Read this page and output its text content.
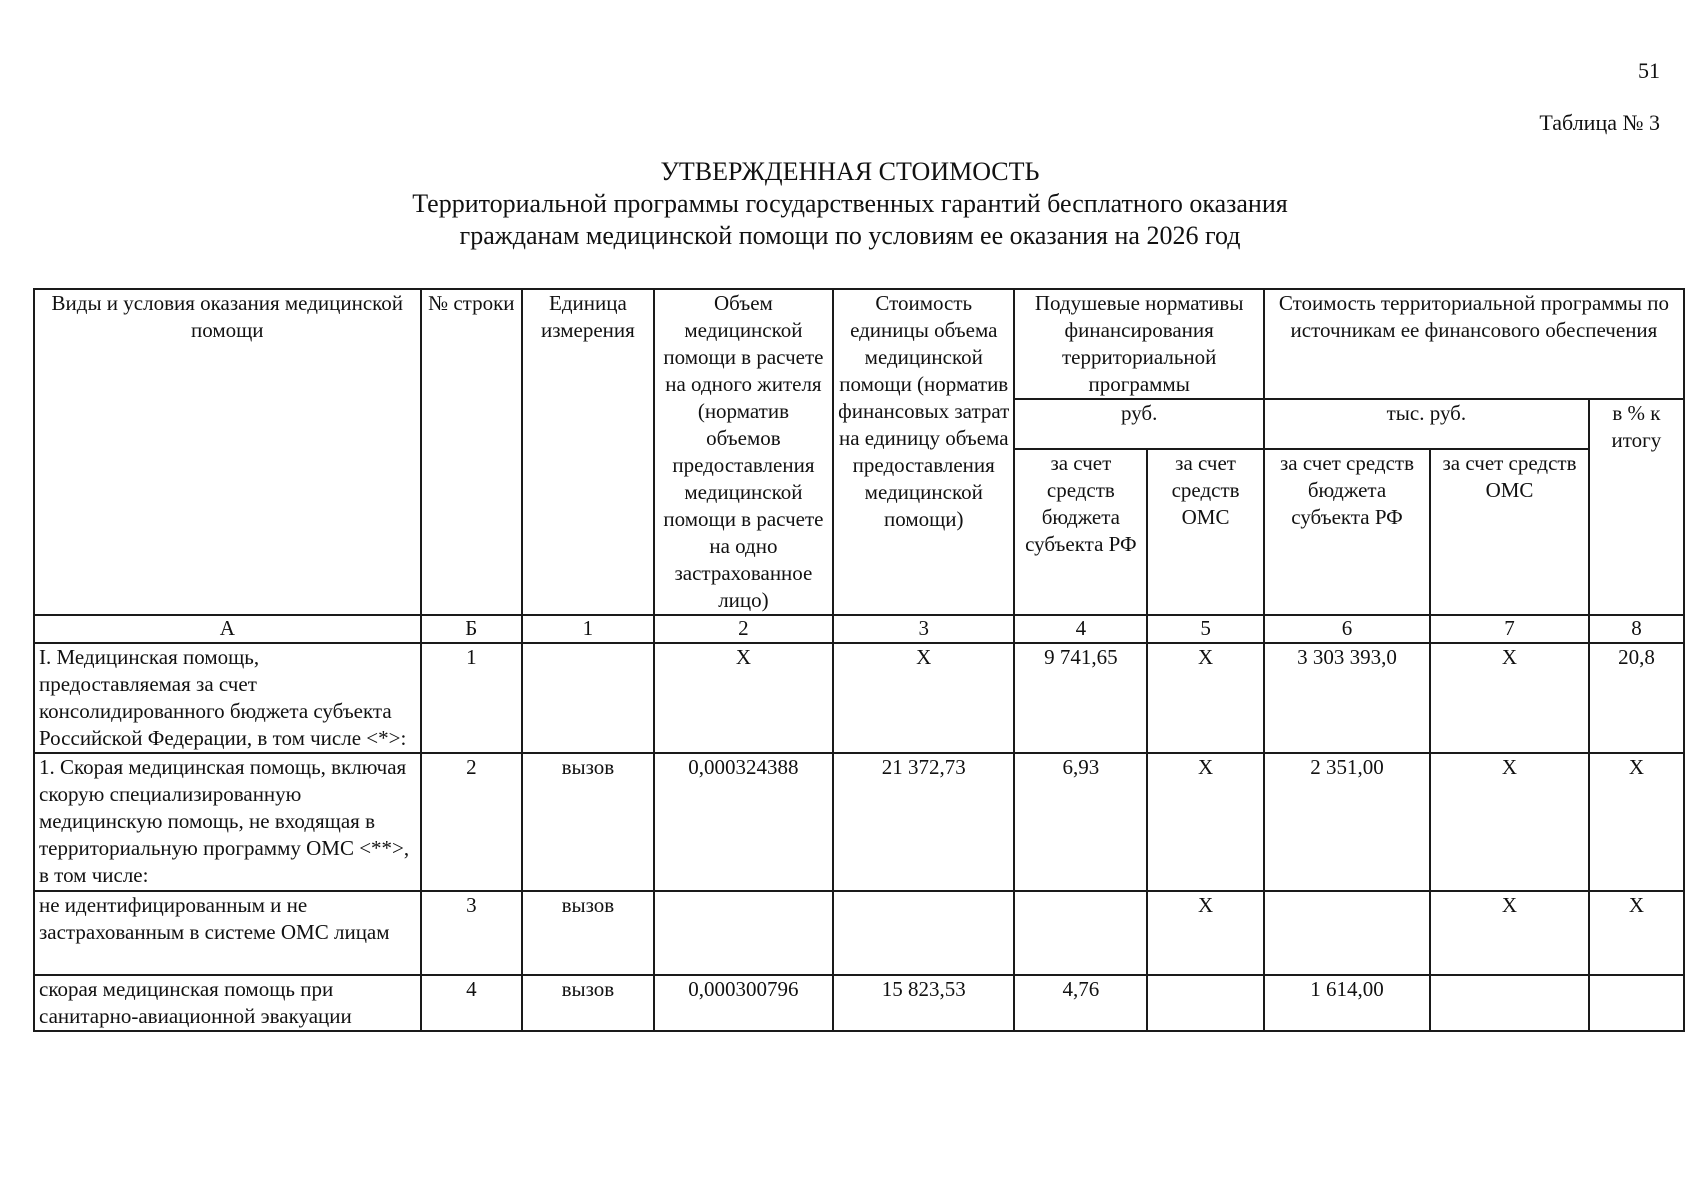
51
Таблица № 3
УТВЕРЖДЕННАЯ СТОИМОСТЬ
Территориальной программы государственных гарантий бесплатного оказания
гражданам медицинской помощи по условиям ее оказания на 2026 год
Виды и условия оказания медицинской помощи	№ строки	Единица измерения	Объем медицинской помощи в расчете на одного жителя (норматив объемов предоставления медицинской помощи в расчете на одно застрахованное лицо)	Стоимость единицы объема медицинской помощи (норматив финансовых затрат на единицу объема предоставления медицинской помощи)	Подушевые нормативы финансирования территориальной программы		Стоимость территориальной программы по источникам ее финансового обеспечения		
					руб.		тыс. руб.		в % к итогу
					за счет средств бюджета субъекта РФ	за счет средств ОМС	за счет средств бюджета субъекта РФ	за счет средств ОМС	
А	Б	1	2	3	4	5	6	7	8
I. Медицинская помощь, предоставляемая за счет консолидированного бюджета субъекта Российской Федерации, в том числе <*>:	1		Х	Х	9 741,65	Х	3 303 393,0	Х	20,8
1. Скорая медицинская помощь, включая скорую специализированную медицинскую помощь, не входящая в территориальную программу ОМС <**>, в том числе:	2	вызов	0,000324388	21 372,73	6,93	Х	2 351,00	Х	Х
не идентифицированным и не застрахованным в системе ОМС лицам	3	вызов				Х		Х	Х
скорая медицинская помощь при санитарно-авиационной эвакуации	4	вызов	0,000300796	15 823,53	4,76		1 614,00		
